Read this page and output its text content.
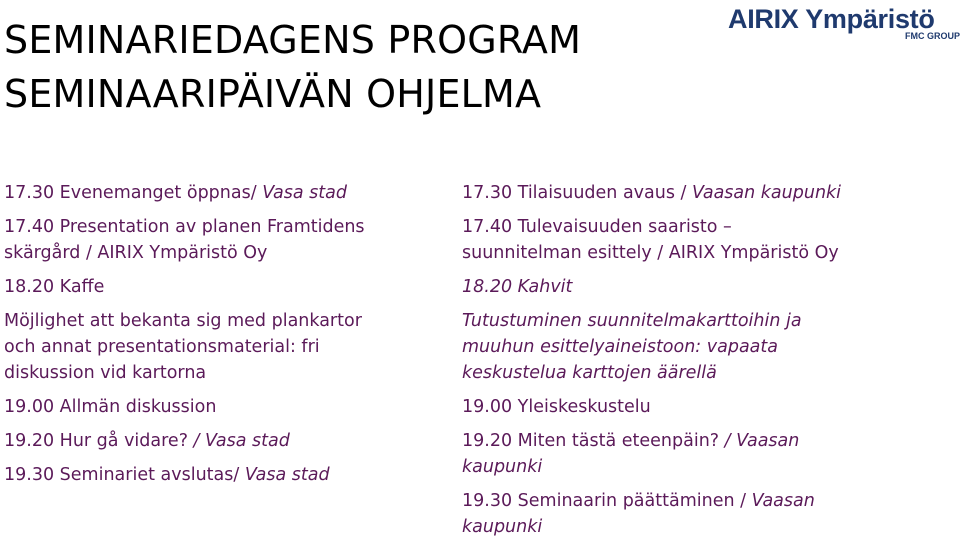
SEMINARIEDAGENS PROGRAM
SEMINAARIPÄIVÄN OHJELMA
AIRIX Ympäristö
FMC GROUP
17.30 Evenemanget öppnas/ Vasa stad
17.40 Presentation av planen Framtidens
skärgård / AIRIX Ympäristö Oy
18.20 Kaffe
Möjlighet att bekanta sig med plankartor
och annat presentationsmaterial: fri
diskussion vid kartorna
19.00 Allmän diskussion
19.20 Hur gå vidare? / Vasa stad
19.30 Seminariet avslutas/ Vasa stad
17.30 Tilaisuuden avaus / Vaasan kaupunki
17.40 Tulevaisuuden saaristo –
suunnitelman esittely / AIRIX Ympäristö Oy
18.20 Kahvit
Tutustuminen suunnitelmakarttoihin ja
muuhun esittelyaineistoon: vapaata
keskustelua karttojen äärellä
19.00 Yleiskeskustelu
19.20 Miten tästä eteenpäin? / Vaasan
kaupunki
19.30 Seminaarin päättäminen / Vaasan
kaupunki
